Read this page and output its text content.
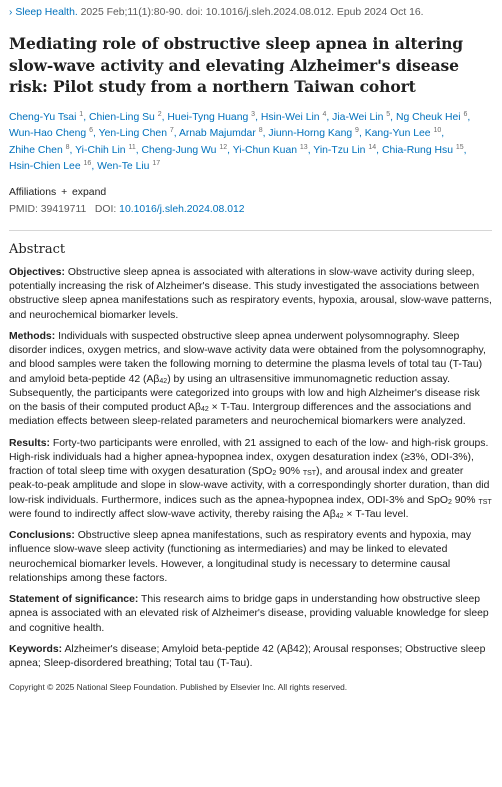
› Sleep Health. 2025 Feb;11(1):80-90. doi: 10.1016/j.sleh.2024.08.012. Epub 2024 Oct 16.
Mediating role of obstructive sleep apnea in altering slow-wave activity and elevating Alzheimer's disease risk: Pilot study from a northern Taiwan cohort
Cheng-Yu Tsai $^1$, Chien-Ling Su $^2$, Huei-Tyng Huang $^3$, Hsin-Wei Lin $^4$, Jia-Wei Lin $^5$, Ng Cheuk Hei $^6$, Wun-Hao Cheng $^6$, Yen-Ling Chen $^7$, Arnab Majumdar $^8$, Jiunn-Horng Kang $^9$, Kang-Yun Lee $^{10}$, Zhihe Chen $^8$, Yi-Chih Lin $^{11}$, Cheng-Jung Wu $^{12}$, Yi-Chun Kuan $^{13}$, Yin-Tzu Lin $^{14}$, Chia-Rung Hsu $^{15}$, Hsin-Chien Lee $^{16}$, Wen-Te Liu $^{17}$
Affiliations + expand
PMID: 39419711 DOI: 10.1016/j.sleh.2024.08.012
Abstract

Objectives: Obstructive sleep apnea is associated with alterations in slow-wave activity during sleep, potentially increasing the risk of Alzheimer's disease. This study investigated the associations between obstructive sleep apnea manifestations such as respiratory events, hypoxia, arousal, slow-wave patterns, and neurochemical biomarker levels.

Methods: Individuals with suspected obstructive sleep apnea underwent polysomnography. Sleep disorder indices, oxygen metrics, and slow-wave activity data were obtained from the polysomnography, and blood samples were taken the following morning to determine the plasma levels of total tau (T-Tau) and amyloid beta-peptide 42 (Aβ42) by using an ultrasensitive immunomagnetic reduction assay. Subsequently, the participants were categorized into groups with low and high Alzheimer's disease risk on the basis of their computed product Aβ42 × T-Tau. Intergroup differences and the associations and mediation effects between sleep-related parameters and neurochemical biomarkers were analyzed.

Results: Forty-two participants were enrolled, with 21 assigned to each of the low- and high-risk groups. High-risk individuals had a higher apnea-hypopnea index, oxygen desaturation index (≥3%, ODI-3%), fraction of total sleep time with oxygen desaturation (SpO2 90% TST), and arousal index and greater peak-to-peak amplitude and slope in slow-wave activity, with a correspondingly shorter duration, than did low-risk individuals. Furthermore, indices such as the apnea-hypopnea index, ODI-3% and SpO2 90% TST were found to indirectly affect slow-wave activity, thereby raising the Aβ42 × T-Tau level.

Conclusions: Obstructive sleep apnea manifestations, such as respiratory events and hypoxia, may influence slow-wave sleep activity (functioning as intermediaries) and may be linked to elevated neurochemical biomarker levels. However, a longitudinal study is necessary to determine causal relationships among these factors.

Statement of significance: This research aims to bridge gaps in understanding how obstructive sleep apnea is associated with an elevated risk of Alzheimer's disease, providing valuable knowledge for sleep and cognitive health.

Keywords: Alzheimer's disease; Amyloid beta-peptide 42 (Aβ42); Arousal responses; Obstructive sleep apnea; Sleep-disordered breathing; Total tau (T-Tau).

Copyright © 2025 National Sleep Foundation. Published by Elsevier Inc. All rights reserved.
